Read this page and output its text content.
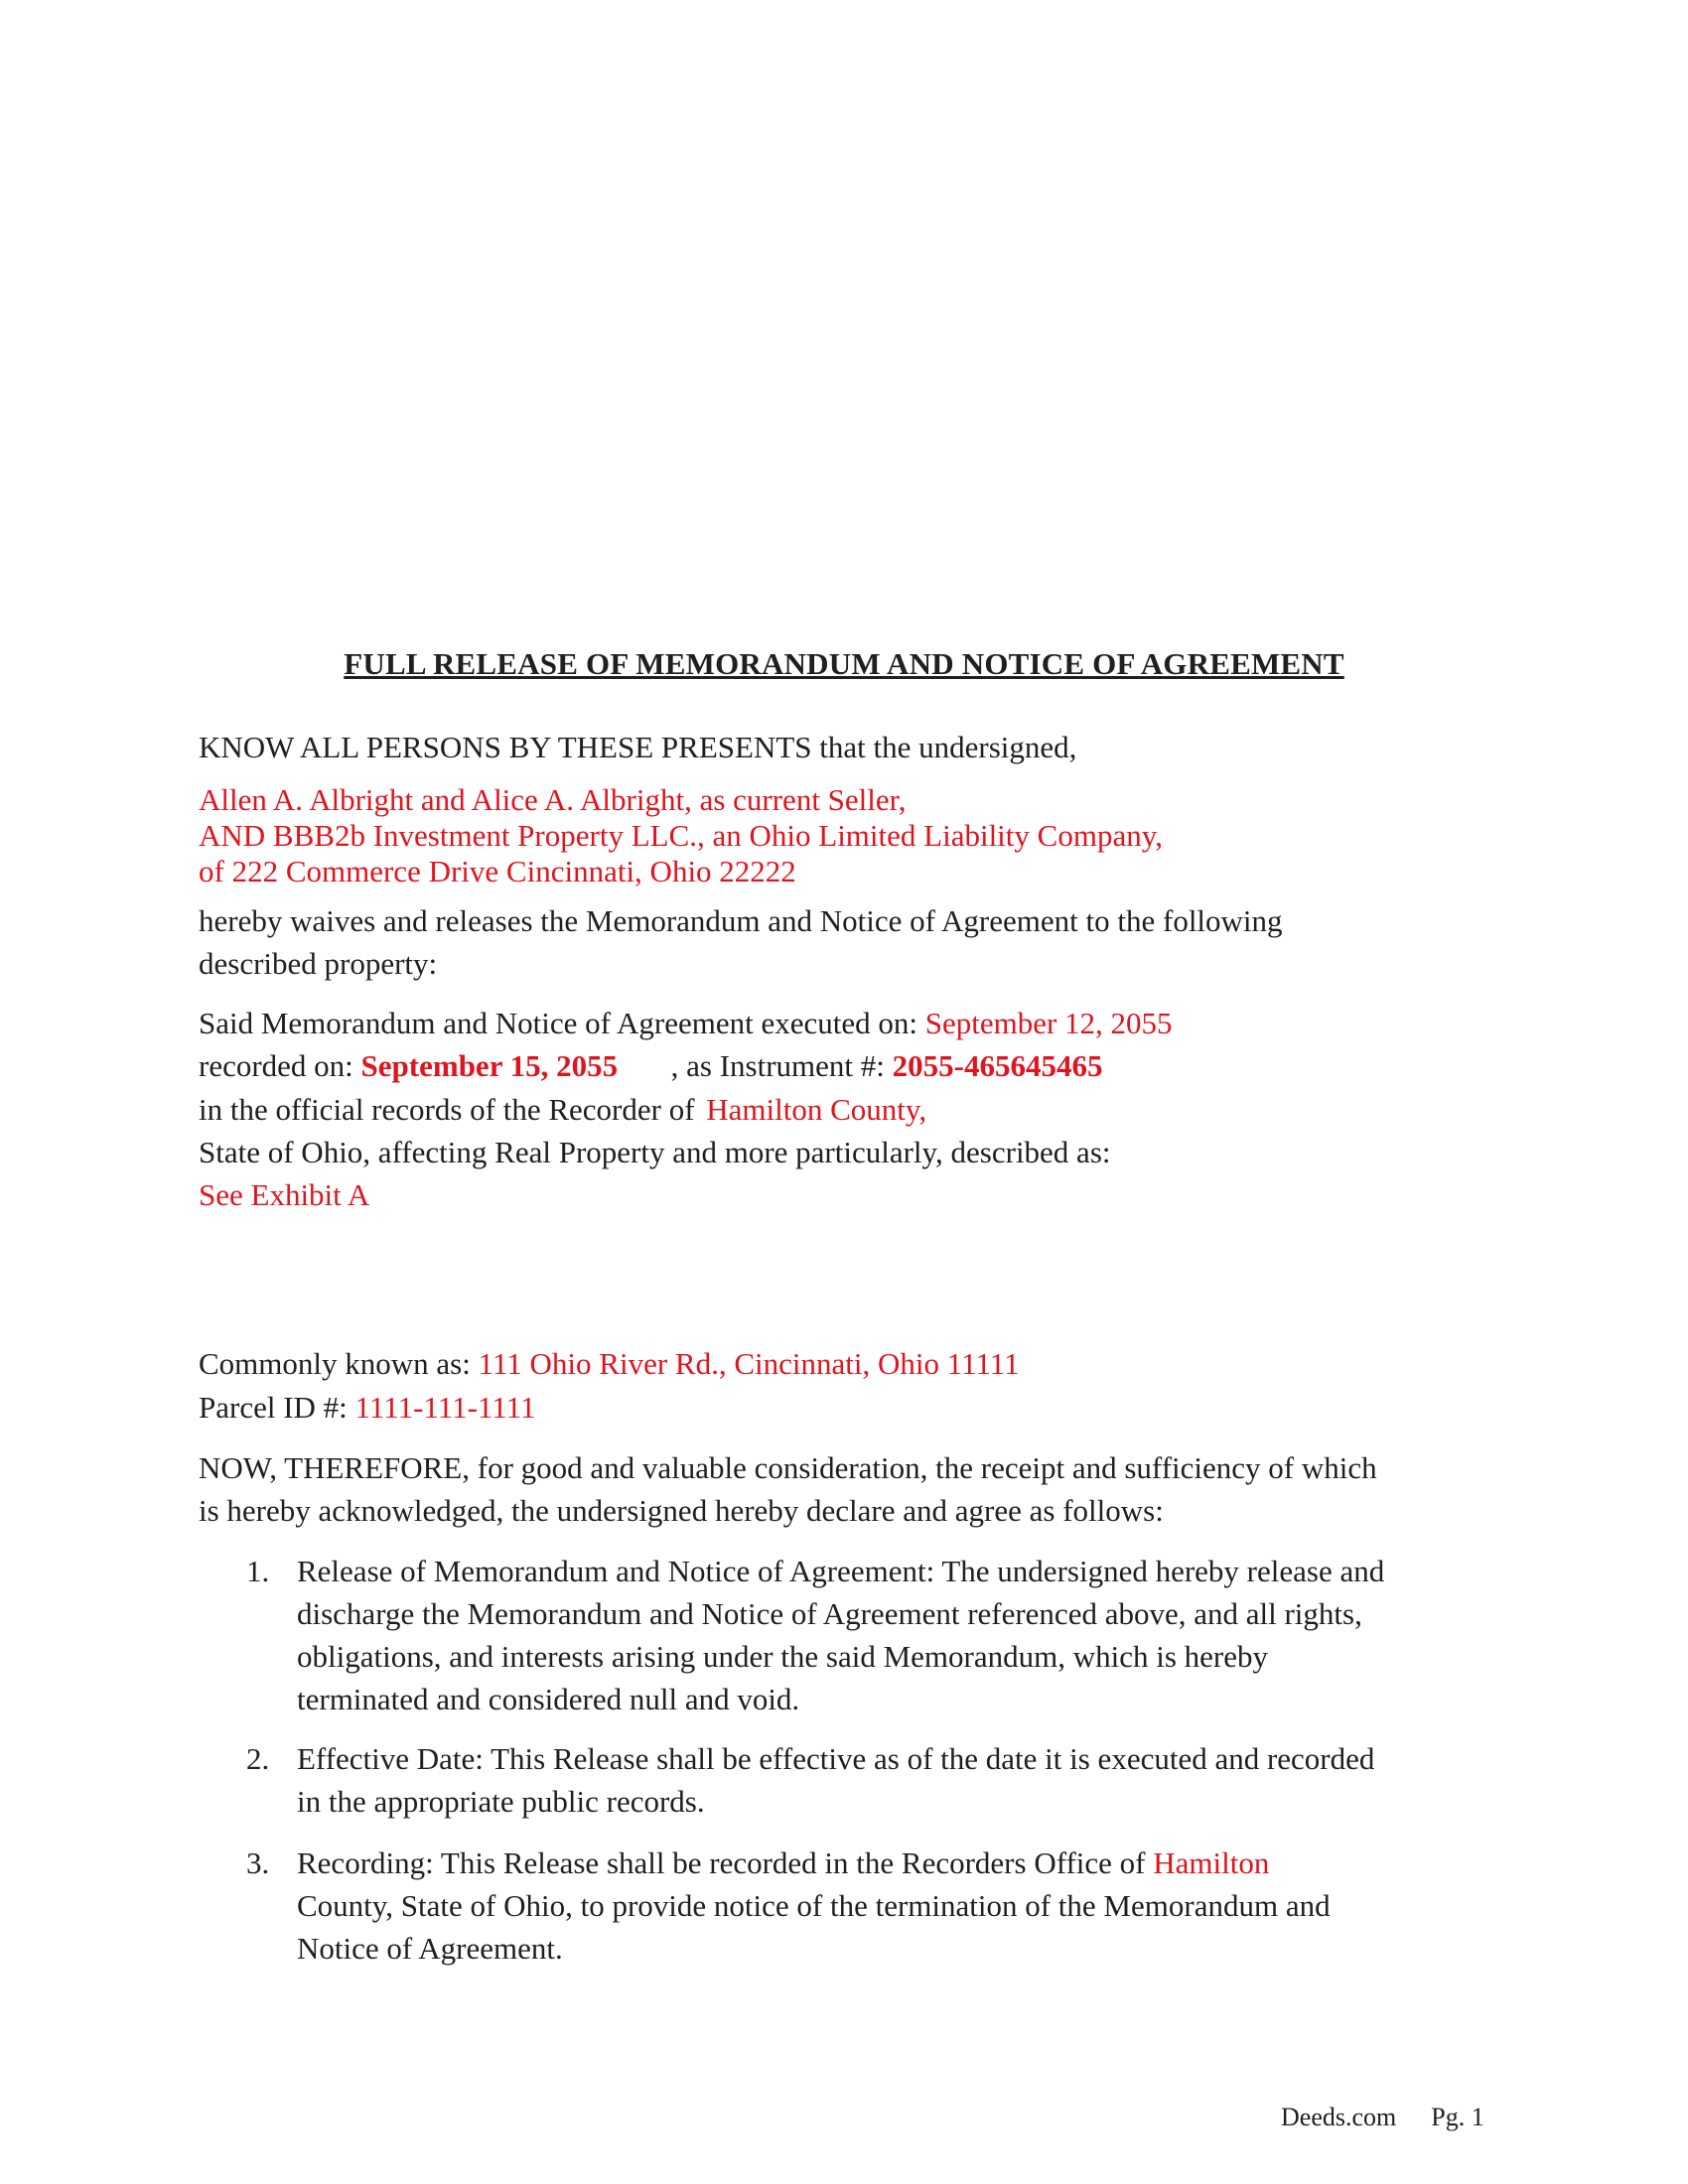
FULL RELEASE OF MEMORANDUM AND NOTICE OF AGREEMENT
KNOW ALL PERSONS BY THESE PRESENTS that the undersigned,
Allen A. Albright and Alice A. Albright, as current Seller,
AND BBB2b Investment Property LLC., an Ohio Limited Liability Company,
of 222 Commerce Drive Cincinnati, Ohio 22222
hereby waives and releases the Memorandum and Notice of Agreement to the following
described property:
Said Memorandum and Notice of Agreement executed on: September 12, 2055
recorded on: September 15, 2055 , as Instrument #: 2055-465645465
in the official records of the Recorder of Hamilton County,
State of Ohio, affecting Real Property and more particularly, described as:
See Exhibit A
Commonly known as: 111 Ohio River Rd., Cincinnati, Ohio 11111
Parcel ID #: 1111-111-1111
NOW, THEREFORE, for good and valuable consideration, the receipt and sufficiency of which
is hereby acknowledged, the undersigned hereby declare and agree as follows:
1. Release of Memorandum and Notice of Agreement: The undersigned hereby release and
discharge the Memorandum and Notice of Agreement referenced above, and all rights,
obligations, and interests arising under the said Memorandum, which is hereby
terminated and considered null and void.
2. Effective Date: This Release shall be effective as of the date it is executed and recorded
in the appropriate public records.
3. Recording: This Release shall be recorded in the Recorders Office of Hamilton
County, State of Ohio, to provide notice of the termination of the Memorandum and
Notice of Agreement.
Deeds.com Pg. 1
